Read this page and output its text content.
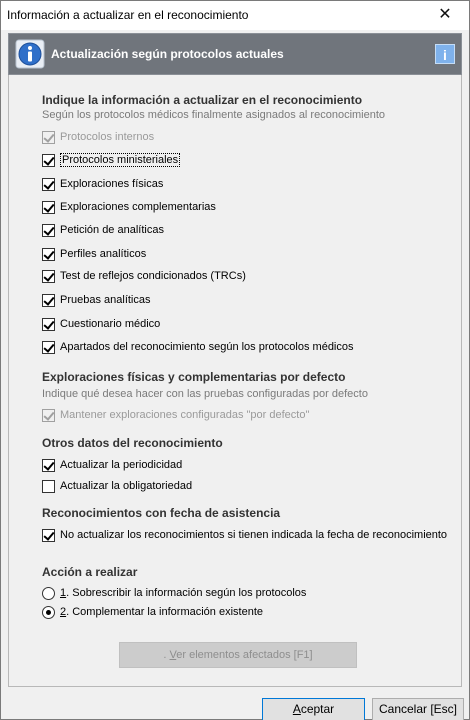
Información a actualizar en el reconocimiento	✕
Actualización según protocolos actuales	i
Indique la información a actualizar en el reconocimiento
Según los protocolos médicos finalmente asignados al reconocimiento
Protocolos internos
Protocolos ministeriales
Exploraciones físicas
Exploraciones complementarias
Petición de analíticas
Perfiles analíticos
Test de reflejos condicionados (TRCs)
Pruebas analíticas
Cuestionario médico
Apartados del reconocimiento según los protocolos médicos
Exploraciones físicas y complementarias por defecto
Indique qué desea hacer con las pruebas configuradas por defecto
Mantener exploraciones configuradas "por defecto"
Otros datos del reconocimiento
Actualizar la periodicidad
Actualizar la obligatoriedad
Reconocimientos con fecha de asistencia
No actualizar los reconocimientos si tienen indicada la fecha de reconocimiento
Acción a realizar
1. Sobrescribir la información según los protocolos
2. Complementar la información existente
. Ver elementos afectados [F1]
Aceptar	Cancelar [Esc]
